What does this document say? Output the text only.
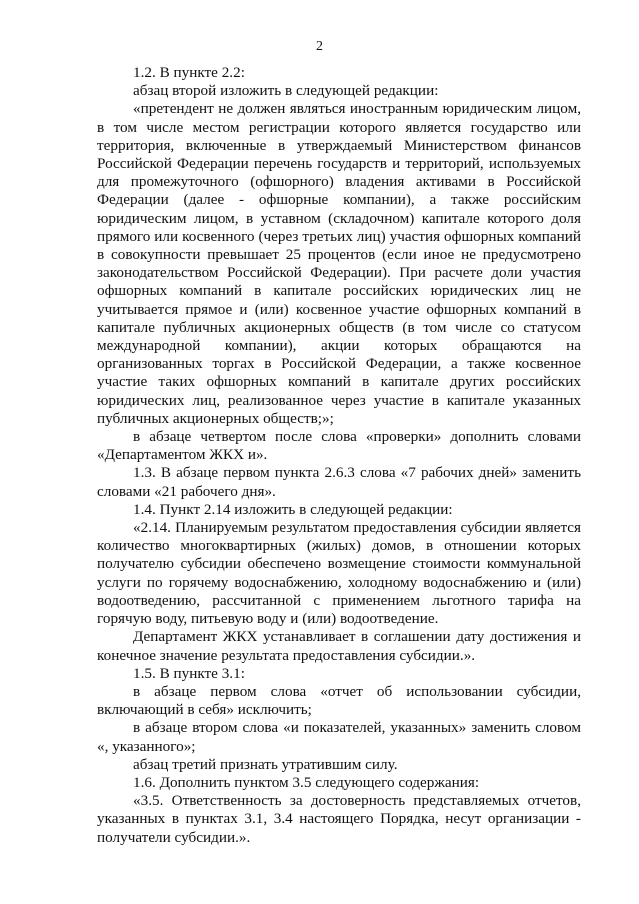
2

1.2. В пункте 2.2:

абзац второй изложить в следующей редакции:

«претендент не должен являться иностранным юридическим лицом, в том числе местом регистрации которого является государство или территория, включенные в утверждаемый Министерством финансов Российской Федерации перечень государств и территорий, используемых для промежуточного (офшорного) владения активами в Российской Федерации (далее - офшорные компании), а также российским юридическим лицом, в уставном (складочном) капитале которого доля прямого или косвенного (через третьих лиц) участия офшорных компаний в совокупности превышает 25 процентов (если иное не предусмотрено законодательством Российской Федерации). При расчете доли участия офшорных компаний в капитале российских юридических лиц не учитывается прямое и (или) косвенное участие офшорных компаний в капитале публичных акционерных обществ (в том числе со статусом международной компании), акции которых обращаются на организованных торгах в Российской Федерации, а также косвенное участие таких офшорных компаний в капитале других российских юридических лиц, реализованное через участие в капитале указанных публичных акционерных обществ;»;

в абзаце четвертом после слова «проверки» дополнить словами «Департаментом ЖКХ и».

1.3. В абзаце первом пункта 2.6.3 слова «7 рабочих дней» заменить словами «21 рабочего дня».

1.4. Пункт 2.14 изложить в следующей редакции:

«2.14. Планируемым результатом предоставления субсидии является количество многоквартирных (жилых) домов, в отношении которых получателю субсидии обеспечено возмещение стоимости коммунальной услуги по горячему водоснабжению, холодному водоснабжению и (или) водоотведению, рассчитанной с применением льготного тарифа на горячую воду, питьевую воду и (или) водоотведение.

Департамент ЖКХ устанавливает в соглашении дату достижения и конечное значение результата предоставления субсидии.».

1.5. В пункте 3.1:

в абзаце первом слова «отчет об использовании субсидии, включающий в себя» исключить;

в абзаце втором слова «и показателей, указанных» заменить словом «, указанного»;

абзац третий признать утратившим силу.

1.6. Дополнить пунктом 3.5 следующего содержания:

«3.5. Ответственность за достоверность представляемых отчетов, указанных в пунктах 3.1, 3.4 настоящего Порядка, несут организации - получатели субсидии.».
